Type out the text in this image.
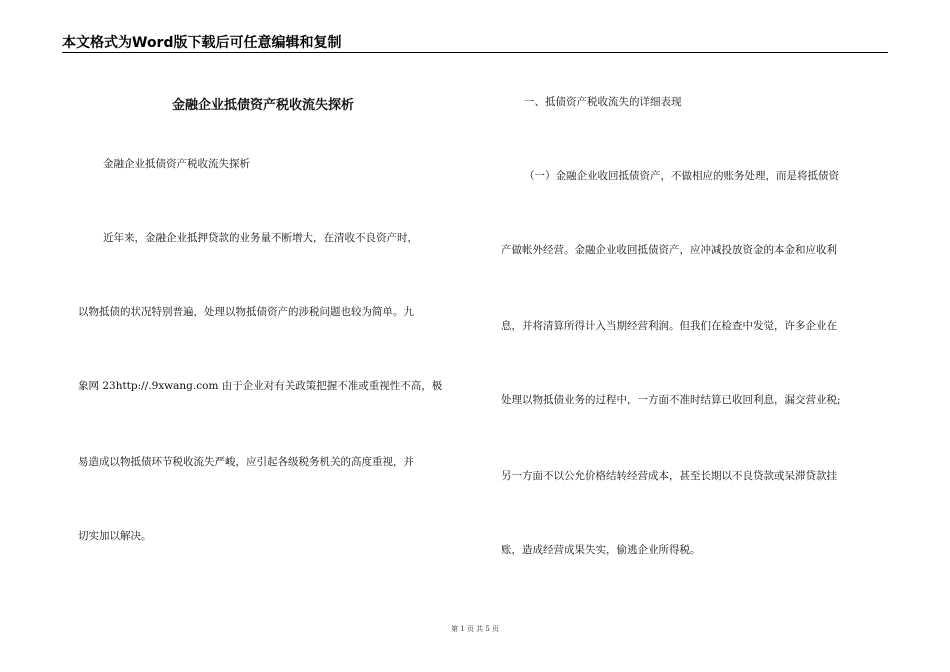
本文格式为Word版下载后可任意编辑和复制
金融企业抵债资产税收流失探析
金融企业抵债资产税收流失探析
近年来，金融企业抵押贷款的业务量不断增大，在清收不良资产时，
以物抵债的状况特别普遍，处理以物抵债资产的涉税问题也较为简单。九
象网 23http://.9xwang.com 由于企业对有关政策把握不准或重视性不高，极
易造成以物抵债环节税收流失严峻，应引起各级税务机关的高度重视，并
切实加以解决。
一、抵债资产税收流失的详细表现
（一）金融企业收回抵债资产，不做相应的账务处理，而是将抵债资
产做帐外经营。金融企业收回抵债资产，应冲减投放资金的本金和应收利
息，并将清算所得计入当期经营利润。但我们在检查中发觉，许多企业在
处理以物抵债业务的过程中，一方面不准时结算已收回利息，漏交营业税;
另一方面不以公允价格结转经营成本，甚至长期以不良贷款或呆滞贷款挂
账，造成经营成果失实，偷逃企业所得税。
第 1 页 共 5 页
